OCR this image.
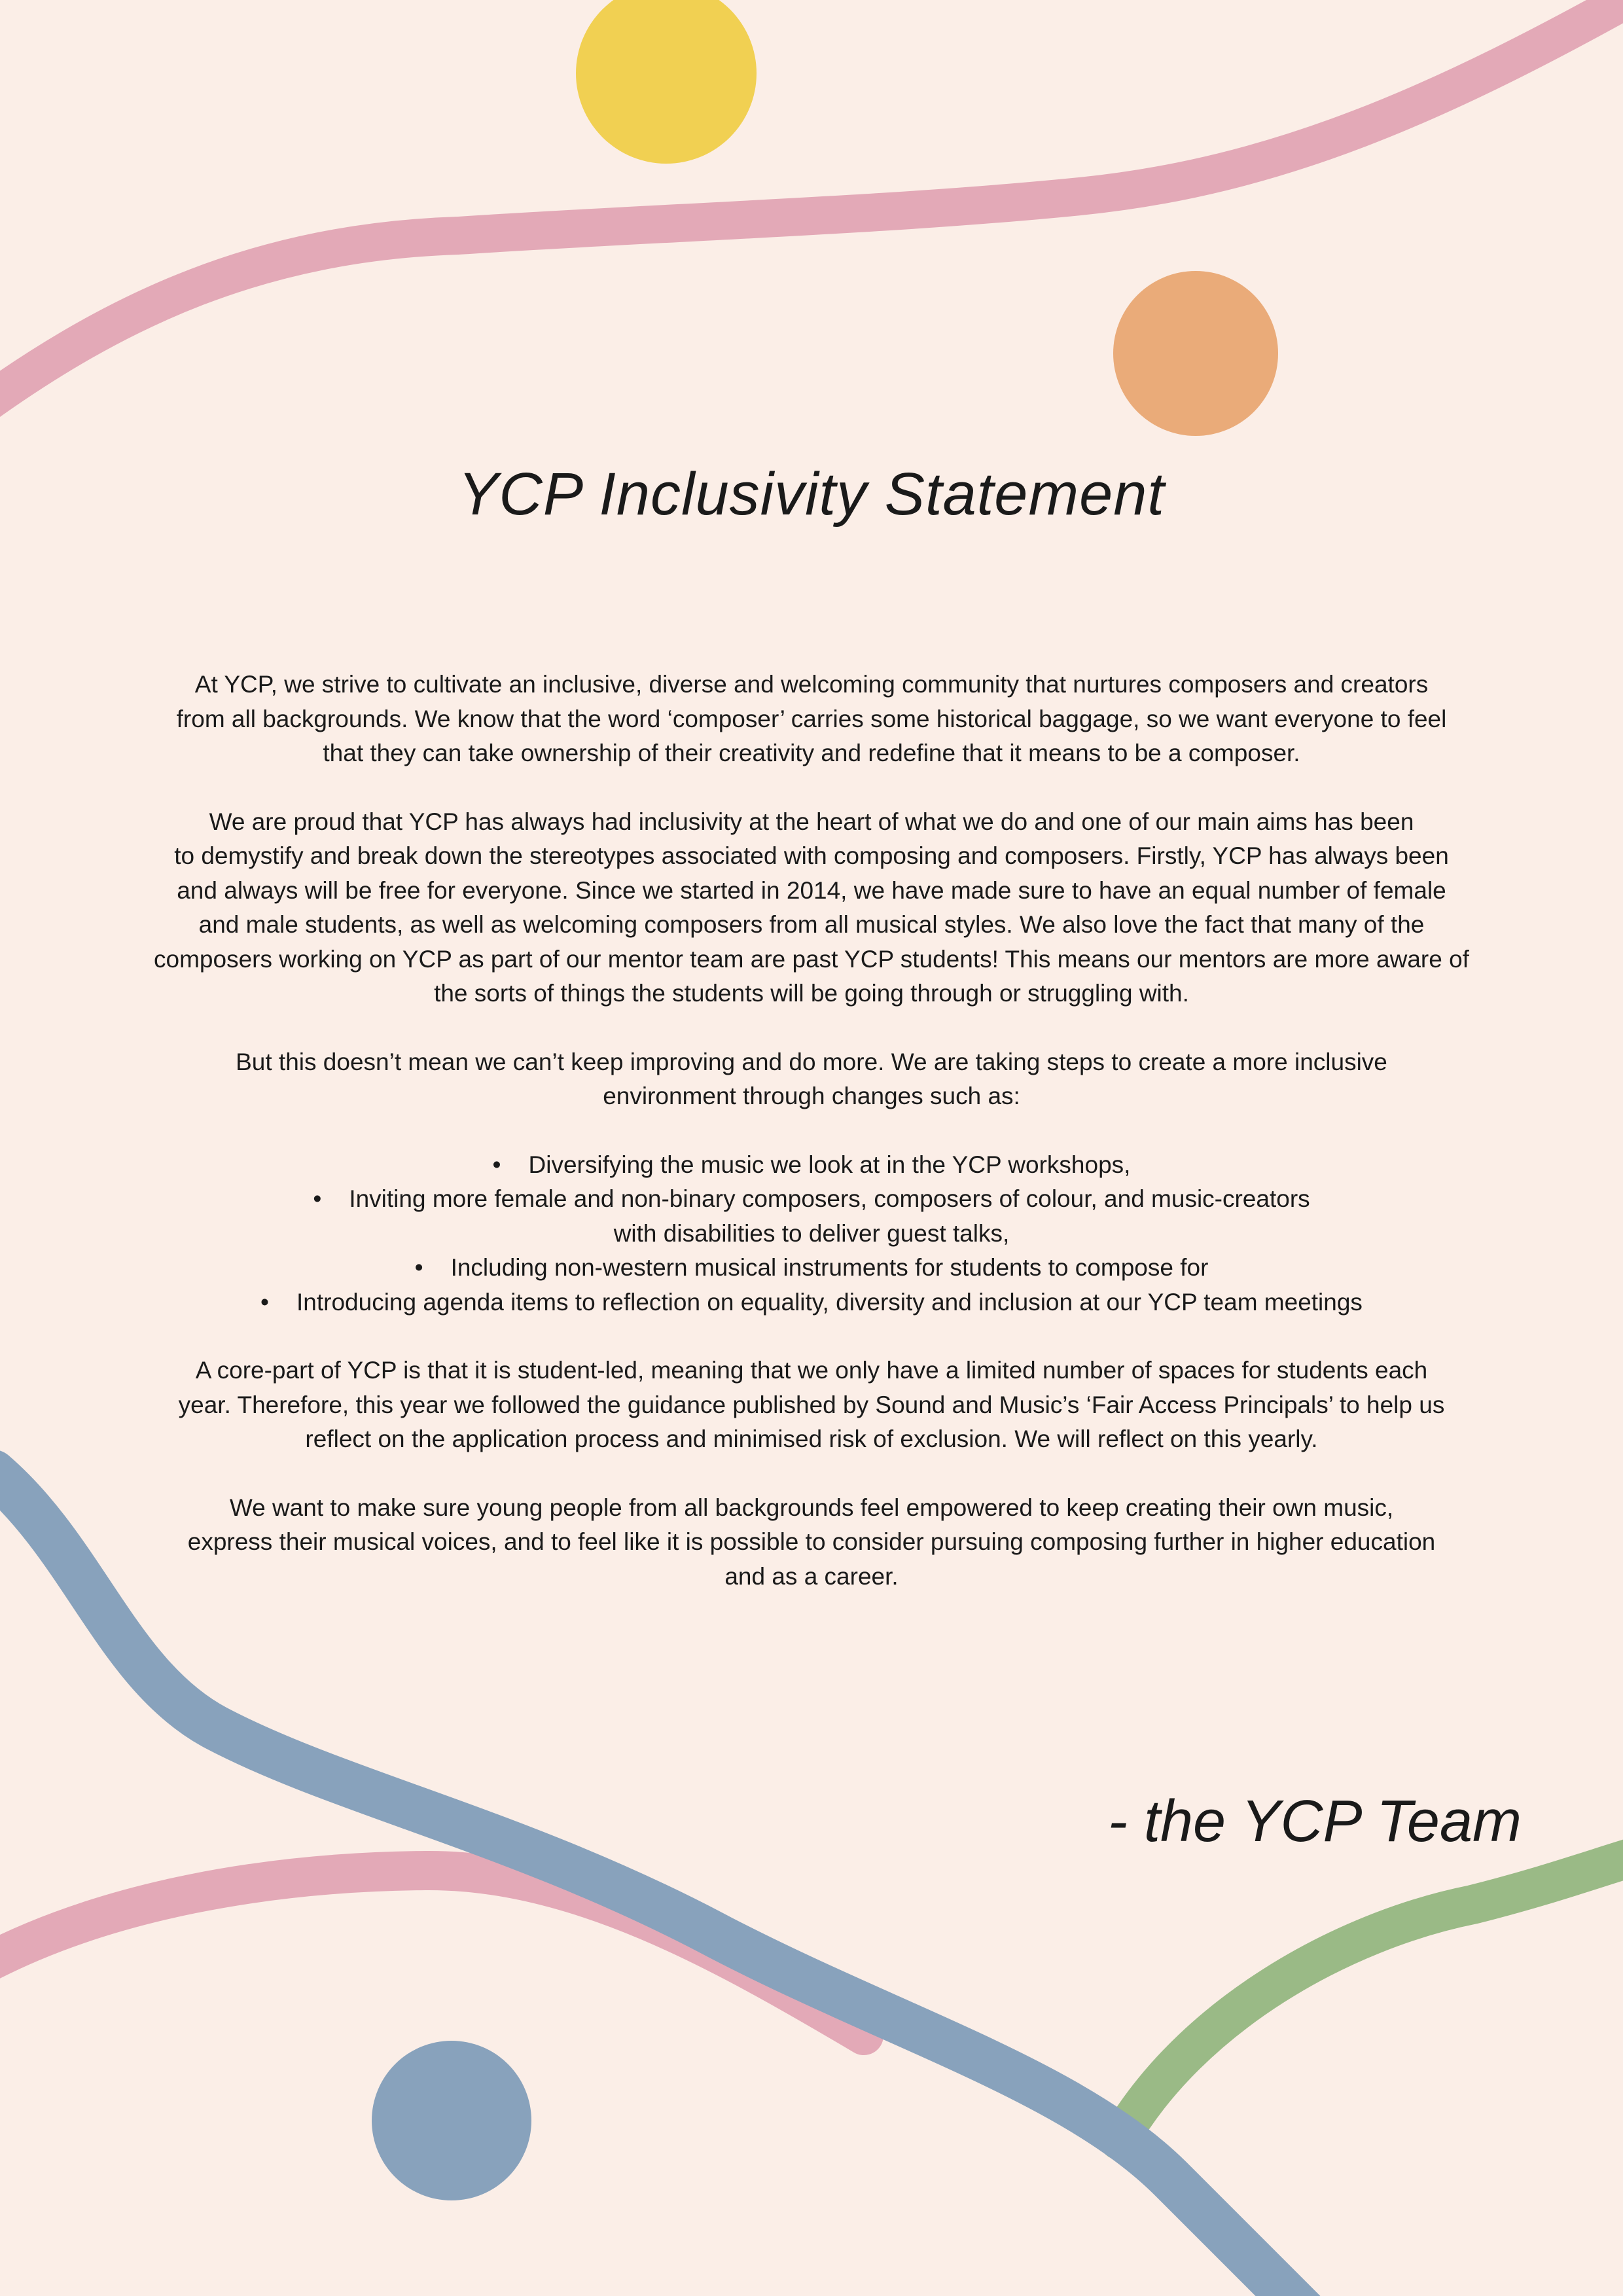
YCP Inclusivity Statement

At YCP, we strive to cultivate an inclusive, diverse and welcoming community that nurtures composers and creators
from all backgrounds. We know that the word ‘composer’ carries some historical baggage, so we want everyone to feel
that they can take ownership of their creativity and redefine that it means to be a composer.

We are proud that YCP has always had inclusivity at the heart of what we do and one of our main aims has been
to demystify and break down the stereotypes associated with composing and composers. Firstly, YCP has always been
and always will be free for everyone. Since we started in 2014, we have made sure to have an equal number of female
and male students, as well as welcoming composers from all musical styles. We also love the fact that many of the
composers working on YCP as part of our mentor team are past YCP students! This means our mentors are more aware of
the sorts of things the students will be going through or struggling with.

But this doesn’t mean we can’t keep improving and do more. We are taking steps to create a more inclusive
environment through changes such as:

• Diversifying the music we look at in the YCP workshops,
• Inviting more female and non-binary composers, composers of colour, and music-creators
with disabilities to deliver guest talks,
• Including non-western musical instruments for students to compose for
• Introducing agenda items to reflection on equality, diversity and inclusion at our YCP team meetings

A core-part of YCP is that it is student-led, meaning that we only have a limited number of spaces for students each
year. Therefore, this year we followed the guidance published by Sound and Music’s ‘Fair Access Principals’ to help us
reflect on the application process and minimised risk of exclusion. We will reflect on this yearly.

We want to make sure young people from all backgrounds feel empowered to keep creating their own music,
express their musical voices, and to feel like it is possible to consider pursuing composing further in higher education
and as a career.

- the YCP Team
